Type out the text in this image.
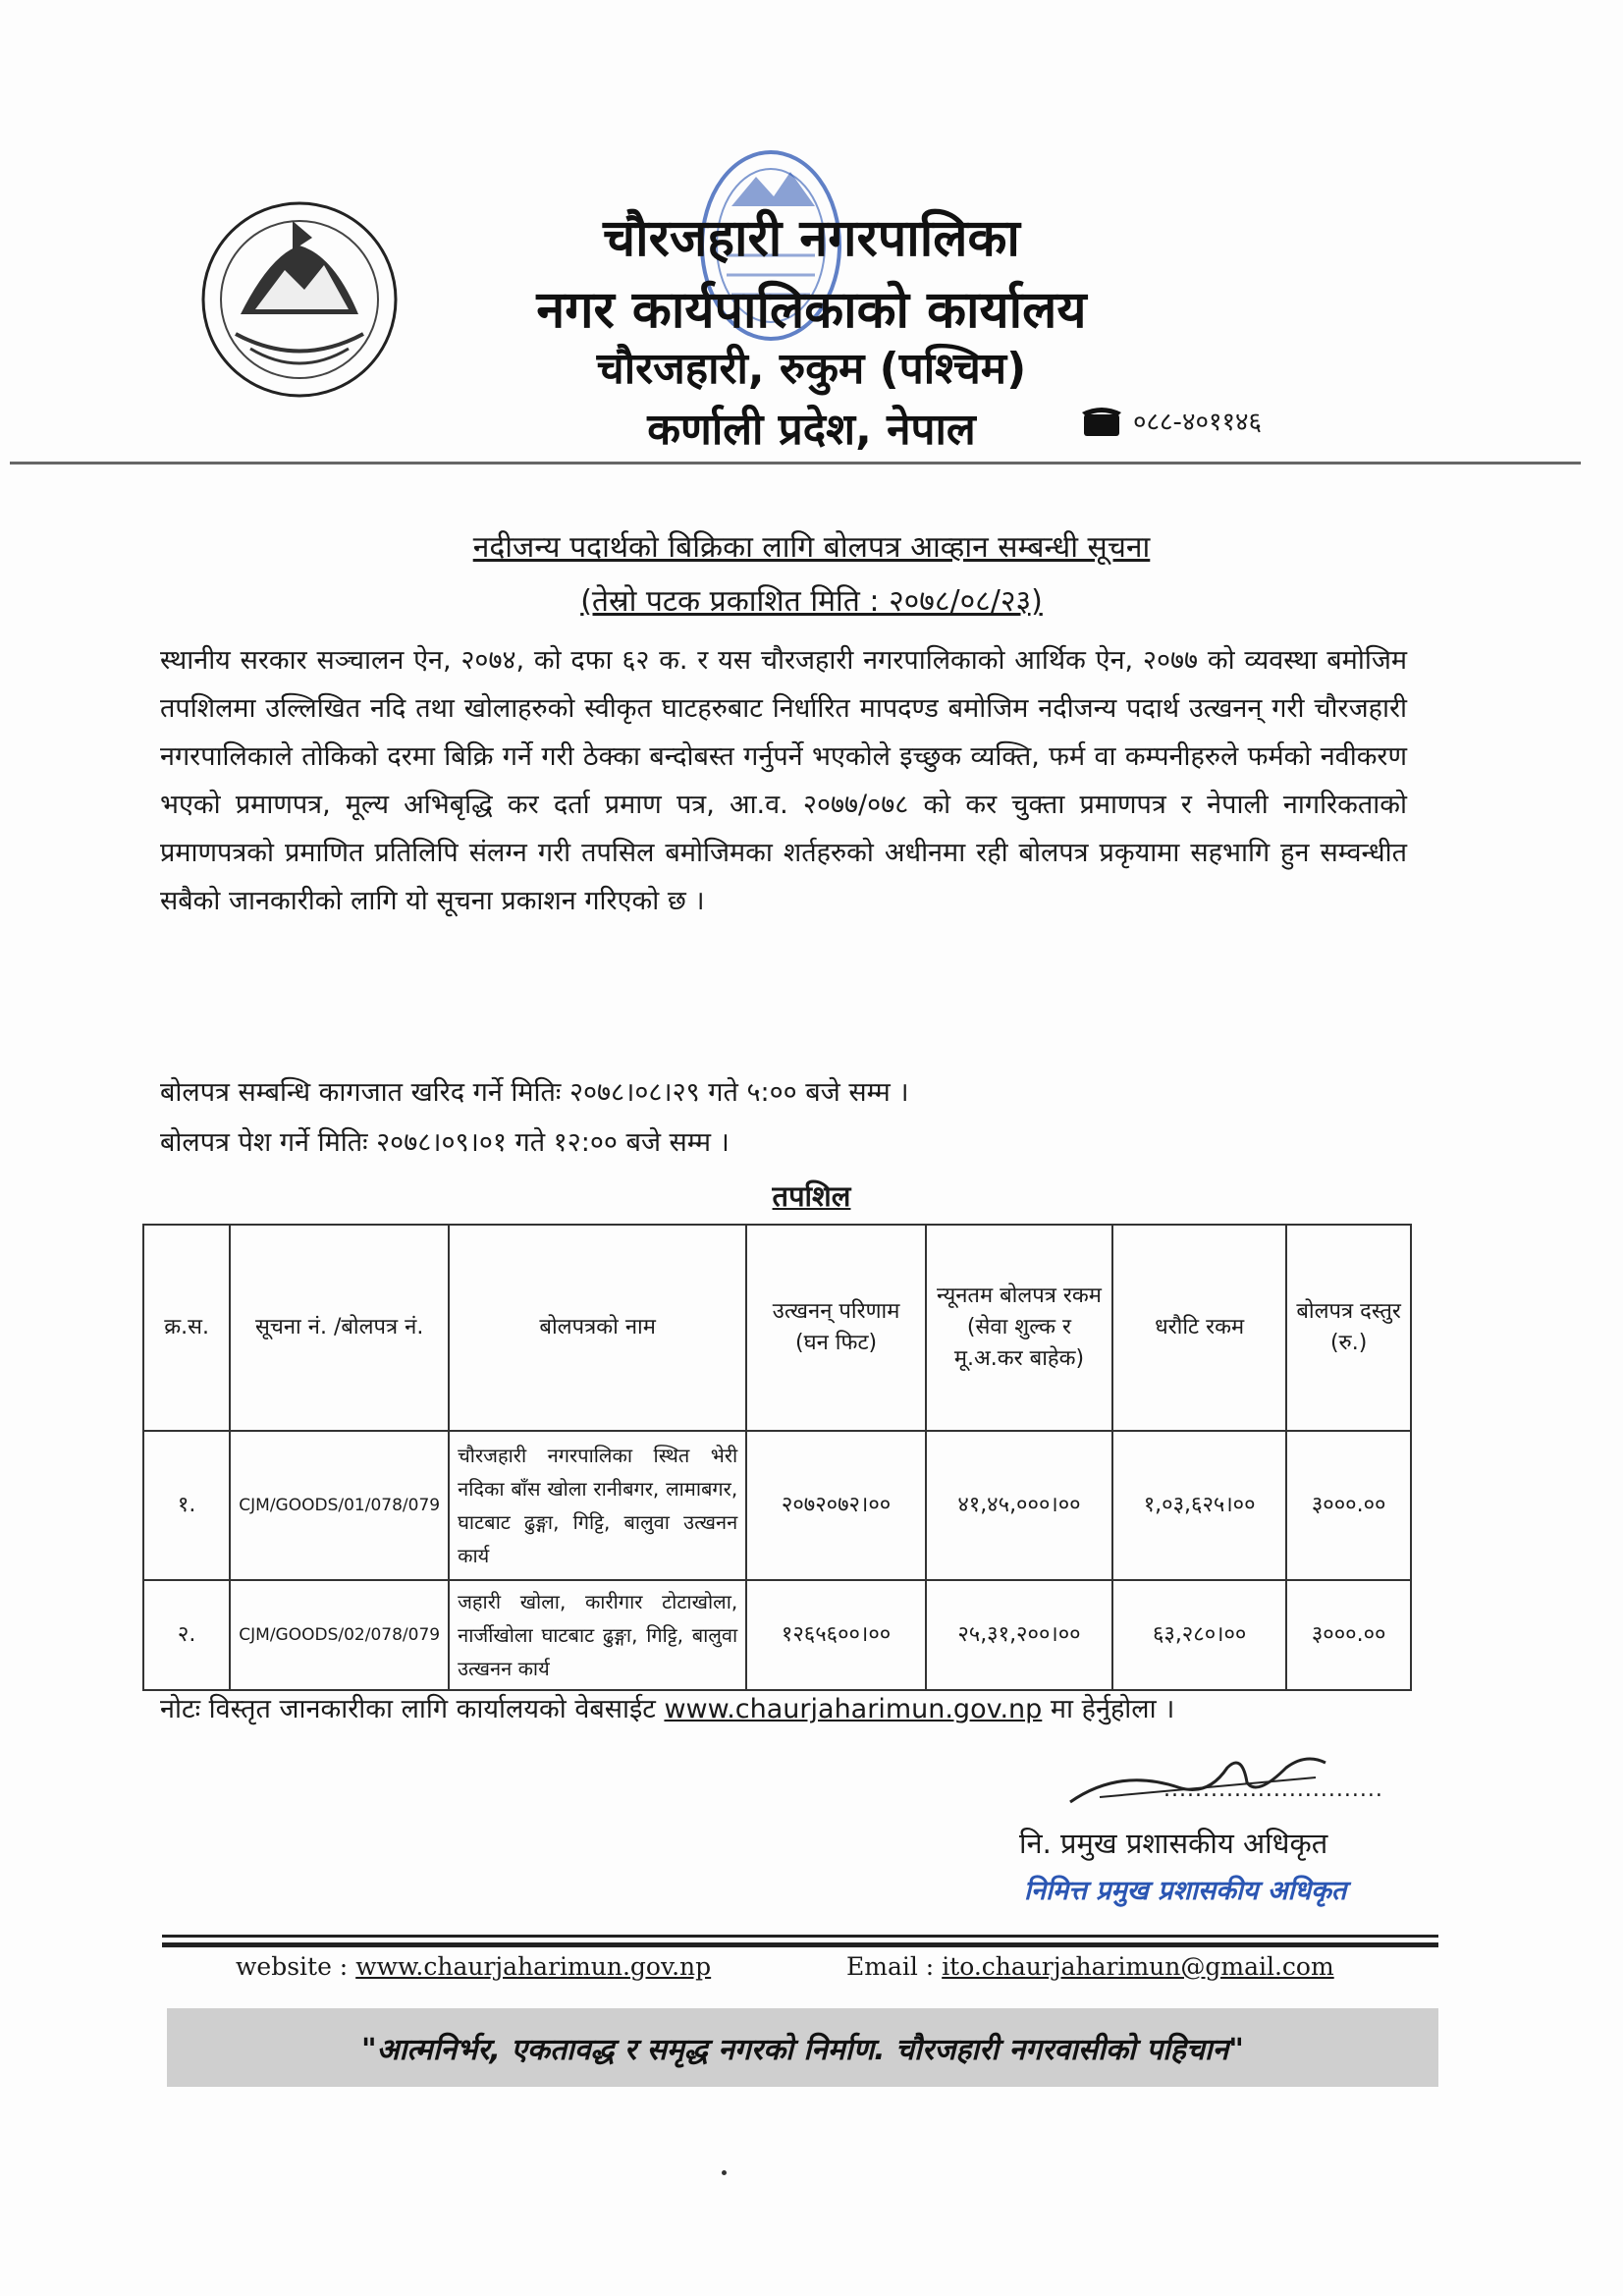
चौरजहारी नगरपालिका
नगर कार्यपालिकाको कार्यालय
चौरजहारी, रुकुम (पश्चिम)
कर्णाली प्रदेश, नेपाल	०८८-४०११४६
नदीजन्य पदार्थको बिक्रिका लागि बोलपत्र आव्हान सम्बन्धी सूचना
(तेस्रो पटक प्रकाशित मिति : २०७८/०८/२३)
स्थानीय सरकार सञ्चालन ऐन, २०७४, को दफा ६२ क. र यस चौरजहारी नगरपालिकाको आर्थिक ऐन, २०७७ को व्यवस्था बमोजिम तपशिलमा उल्लिखित नदि तथा खोलाहरुको स्वीकृत घाटहरुबाट निर्धारित मापदण्ड बमोजिम नदीजन्य पदार्थ उत्खनन् गरी चौरजहारी नगरपालिकाले तोकिको दरमा बिक्रि गर्ने गरी ठेक्का बन्दोबस्त गर्नुपर्ने भएकोले इच्छुक व्यक्ति, फर्म वा कम्पनीहरुले फर्मको नवीकरण भएको प्रमाणपत्र, मूल्य अभिबृद्धि कर दर्ता प्रमाण पत्र, आ.व. २०७७/०७८ को कर चुक्ता प्रमाणपत्र र नेपाली नागरिकताको प्रमाणपत्रको प्रमाणित प्रतिलिपि संलग्न गरी तपसिल बमोजिमका शर्तहरुको अधीनमा रही बोलपत्र प्रकृयामा सहभागि हुन सम्वन्धीत सबैको जानकारीको लागि यो सूचना प्रकाशन गरिएको छ ।
बोलपत्र सम्बन्धि कागजात खरिद गर्ने मितिः २०७८।०८।२९ गते ५:०० बजे सम्म ।
बोलपत्र पेश गर्ने मितिः २०७८।०९।०१ गते १२:०० बजे सम्म ।
तपशिल
क्र.स.	सूचना नं. /बोलपत्र नं.	बोलपत्रको नाम	उत्खनन् परिणाम (घन फिट)	न्यूनतम बोलपत्र रकम (सेवा शुल्क र मू.अ.कर बाहेक)	धरौटि रकम	बोलपत्र दस्तुर (रु.)
१.	CJM/GOODS/01/078/079	चौरजहारी नगरपालिका स्थित भेरी नदिका बाँस खोला रानीबगर, लामाबगर, घाटबाट ढुङ्गा, गिट्टि, बालुवा उत्खनन कार्य	२०७२०७२।००	४१,४५,०००।००	१,०३,६२५।००	३०००.००
२.	CJM/GOODS/02/078/079	जहारी खोला, कारीगार टोटाखोला, नार्जीखोला घाटबाट ढुङ्गा, गिट्टि, बालुवा उत्खनन कार्य	१२६५६००।००	२५,३१,२००।००	६३,२८०।००	३०००.००
नोटः विस्तृत जानकारीका लागि कार्यालयको वेबसाईट www.chaurjaharimun.gov.np मा हेर्नुहोला ।
............................
नि. प्रमुख प्रशासकीय अधिकृत
निमित्त प्रमुख प्रशासकीय अधिकृत
website : www.chaurjaharimun.gov.np	Email : ito.chaurjaharimun@gmail.com
"आत्मनिर्भर, एकतावद्ध र समृद्ध नगरको निर्माण. चौरजहारी नगरवासीको पहिचान"
